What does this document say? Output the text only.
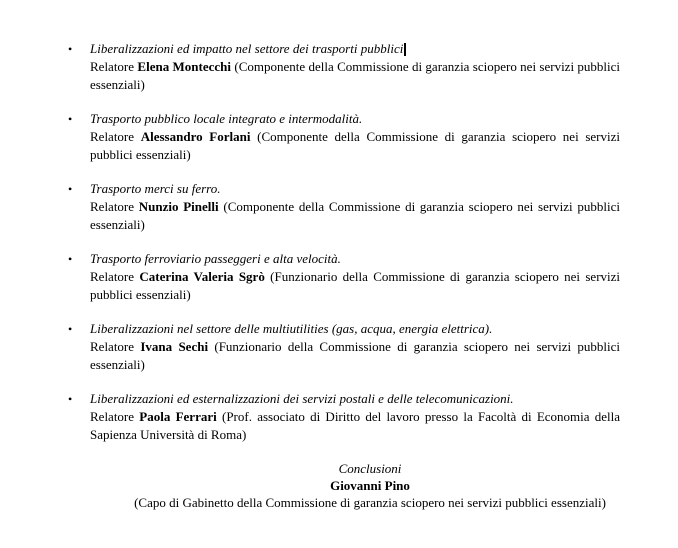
• Liberalizzazioni ed impatto nel settore dei trasporti pubblici

Relatore Elena Montecchi (Componente della Commissione di garanzia sciopero nei servizi pubblici essenziali)

• Trasporto pubblico locale integrato e intermodalità.

Relatore Alessandro Forlani (Componente della Commissione di garanzia sciopero nei servizi pubblici essenziali)

• Trasporto merci su ferro.

Relatore Nunzio Pinelli (Componente della Commissione di garanzia sciopero nei servizi pubblici essenziali)

• Trasporto ferroviario passeggeri e alta velocità.

Relatore Caterina Valeria Sgrò (Funzionario della Commissione di garanzia sciopero nei servizi pubblici essenziali)

• Liberalizzazioni nel settore delle multiutilities (gas, acqua, energia elettrica).

Relatore Ivana Sechi (Funzionario della Commissione di garanzia sciopero nei servizi pubblici essenziali)

• Liberalizzazioni ed esternalizzazioni dei servizi postali e delle telecomunicazioni.

Relatore Paola Ferrari (Prof. associato di Diritto del lavoro presso la Facoltà di Economia della Sapienza Università di Roma)

Conclusioni
Giovanni Pino
(Capo di Gabinetto della Commissione di garanzia sciopero nei servizi pubblici essenziali)
